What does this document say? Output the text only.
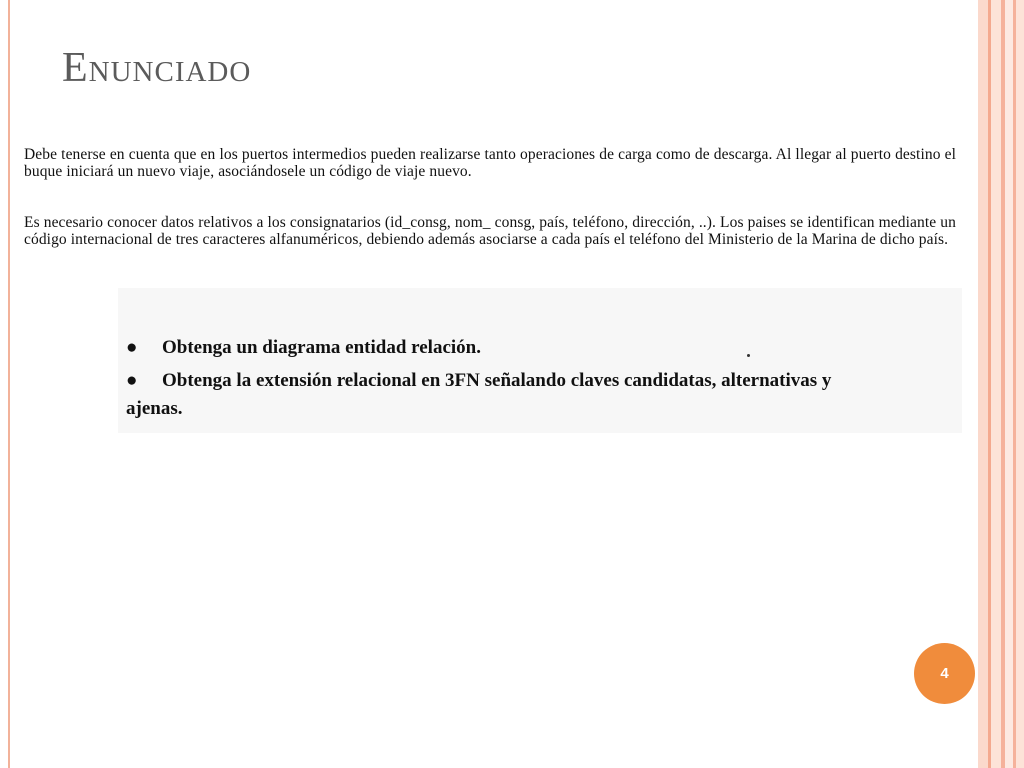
Enunciado

Debe tenerse en cuenta que en los puertos intermedios pueden realizarse tanto operaciones de carga como de descarga. Al llegar al puerto destino el buque iniciará un nuevo viaje, asociándosele un código de viaje nuevo.

Es necesario conocer datos relativos a los consignatarios (id_consg, nom_ consg, país, teléfono, dirección, ..). Los paises se identifican mediante un código internacional de tres caracteres alfanuméricos, debiendo además asociarse a cada país el teléfono del Ministerio de la Marina de dicho país.

● Obtenga un diagrama entidad relación.
● Obtenga la extensión relacional en 3FN señalando claves candidatas, alternativas y ajenas.
4
